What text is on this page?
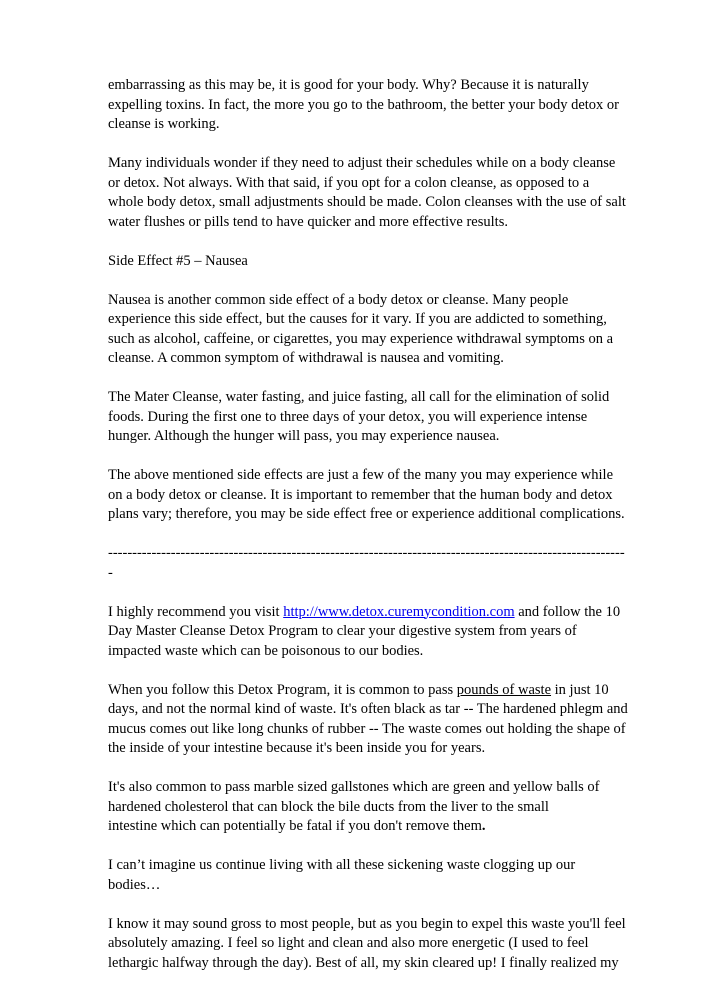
embarrassing as this may be, it is good for your body. Why? Because it is naturally
expelling toxins. In fact, the more you go to the bathroom, the better your body detox or
cleanse is working.
Many individuals wonder if they need to adjust their schedules while on a body cleanse
or detox. Not always. With that said, if you opt for a colon cleanse, as opposed to a
whole body detox, small adjustments should be made. Colon cleanses with the use of salt
water flushes or pills tend to have quicker and more effective results.
Side Effect #5 – Nausea
Nausea is another common side effect of a body detox or cleanse. Many people
experience this side effect, but the causes for it vary. If you are addicted to something,
such as alcohol, caffeine, or cigarettes, you may experience withdrawal symptoms on a
cleanse. A common symptom of withdrawal is nausea and vomiting.
The Mater Cleanse, water fasting, and juice fasting, all call for the elimination of solid
foods. During the first one to three days of your detox, you will experience intense
hunger. Although the hunger will pass, you may experience nausea.
The above mentioned side effects are just a few of the many you may experience while
on a body detox or cleanse. It is important to remember that the human body and detox
plans vary; therefore, you may be side effect free or experience additional complications.
-----------------------------------------------------------------------------------------------------------
-
I highly recommend you visit http://www.detox.curemycondition.com and follow the 10
Day Master Cleanse Detox Program to clear your digestive system from years of
impacted waste which can be poisonous to our bodies.
When you follow this Detox Program, it is common to pass pounds of waste in just 10
days, and not the normal kind of waste. It's often black as tar -- The hardened phlegm and
mucus comes out like long chunks of rubber -- The waste comes out holding the shape of
the inside of your intestine because it's been inside you for years.
It's also common to pass marble sized gallstones which are green and yellow balls of
hardened cholesterol that can block the bile ducts from the liver to the small
intestine which can potentially be fatal if you don't remove them.
I can’t imagine us continue living with all these sickening waste clogging up our
bodies…
I know it may sound gross to most people, but as you begin to expel this waste you'll feel
absolutely amazing. I feel so light and clean and also more energetic (I used to feel
lethargic halfway through the day). Best of all, my skin cleared up! I finally realized my
